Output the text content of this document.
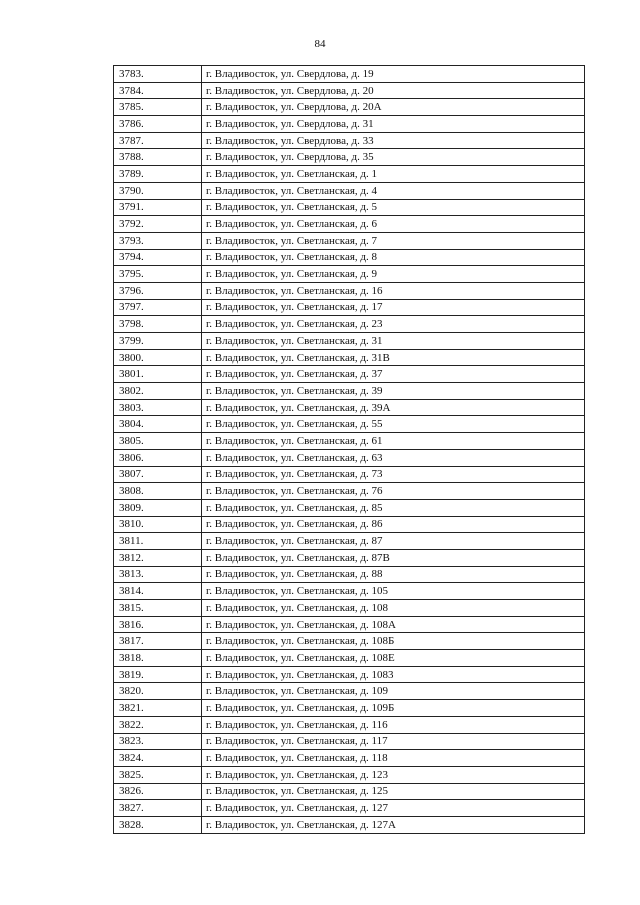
84
3783.	г. Владивосток, ул. Свердлова, д. 19
3784.	г. Владивосток, ул. Свердлова, д. 20
3785.	г. Владивосток, ул. Свердлова, д. 20А
3786.	г. Владивосток, ул. Свердлова, д. 31
3787.	г. Владивосток, ул. Свердлова, д. 33
3788.	г. Владивосток, ул. Свердлова, д. 35
3789.	г. Владивосток, ул. Светланская, д. 1
3790.	г. Владивосток, ул. Светланская, д. 4
3791.	г. Владивосток, ул. Светланская, д. 5
3792.	г. Владивосток, ул. Светланская, д. 6
3793.	г. Владивосток, ул. Светланская, д. 7
3794.	г. Владивосток, ул. Светланская, д. 8
3795.	г. Владивосток, ул. Светланская, д. 9
3796.	г. Владивосток, ул. Светланская, д. 16
3797.	г. Владивосток, ул. Светланская, д. 17
3798.	г. Владивосток, ул. Светланская, д. 23
3799.	г. Владивосток, ул. Светланская, д. 31
3800.	г. Владивосток, ул. Светланская, д. 31В
3801.	г. Владивосток, ул. Светланская, д. 37
3802.	г. Владивосток, ул. Светланская, д. 39
3803.	г. Владивосток, ул. Светланская, д. 39А
3804.	г. Владивосток, ул. Светланская, д. 55
3805.	г. Владивосток, ул. Светланская, д. 61
3806.	г. Владивосток, ул. Светланская, д. 63
3807.	г. Владивосток, ул. Светланская, д. 73
3808.	г. Владивосток, ул. Светланская, д. 76
3809.	г. Владивосток, ул. Светланская, д. 85
3810.	г. Владивосток, ул. Светланская, д. 86
3811.	г. Владивосток, ул. Светланская, д. 87
3812.	г. Владивосток, ул. Светланская, д. 87В
3813.	г. Владивосток, ул. Светланская, д. 88
3814.	г. Владивосток, ул. Светланская, д. 105
3815.	г. Владивосток, ул. Светланская, д. 108
3816.	г. Владивосток, ул. Светланская, д. 108А
3817.	г. Владивосток, ул. Светланская, д. 108Б
3818.	г. Владивосток, ул. Светланская, д. 108Е
3819.	г. Владивосток, ул. Светланская, д. 1083
3820.	г. Владивосток, ул. Светланская, д. 109
3821.	г. Владивосток, ул. Светланская, д. 109Б
3822.	г. Владивосток, ул. Светланская, д. 116
3823.	г. Владивосток, ул. Светланская, д. 117
3824.	г. Владивосток, ул. Светланская, д. 118
3825.	г. Владивосток, ул. Светланская, д. 123
3826.	г. Владивосток, ул. Светланская, д. 125
3827.	г. Владивосток, ул. Светланская, д. 127
3828.	г. Владивосток, ул. Светланская, д. 127А
